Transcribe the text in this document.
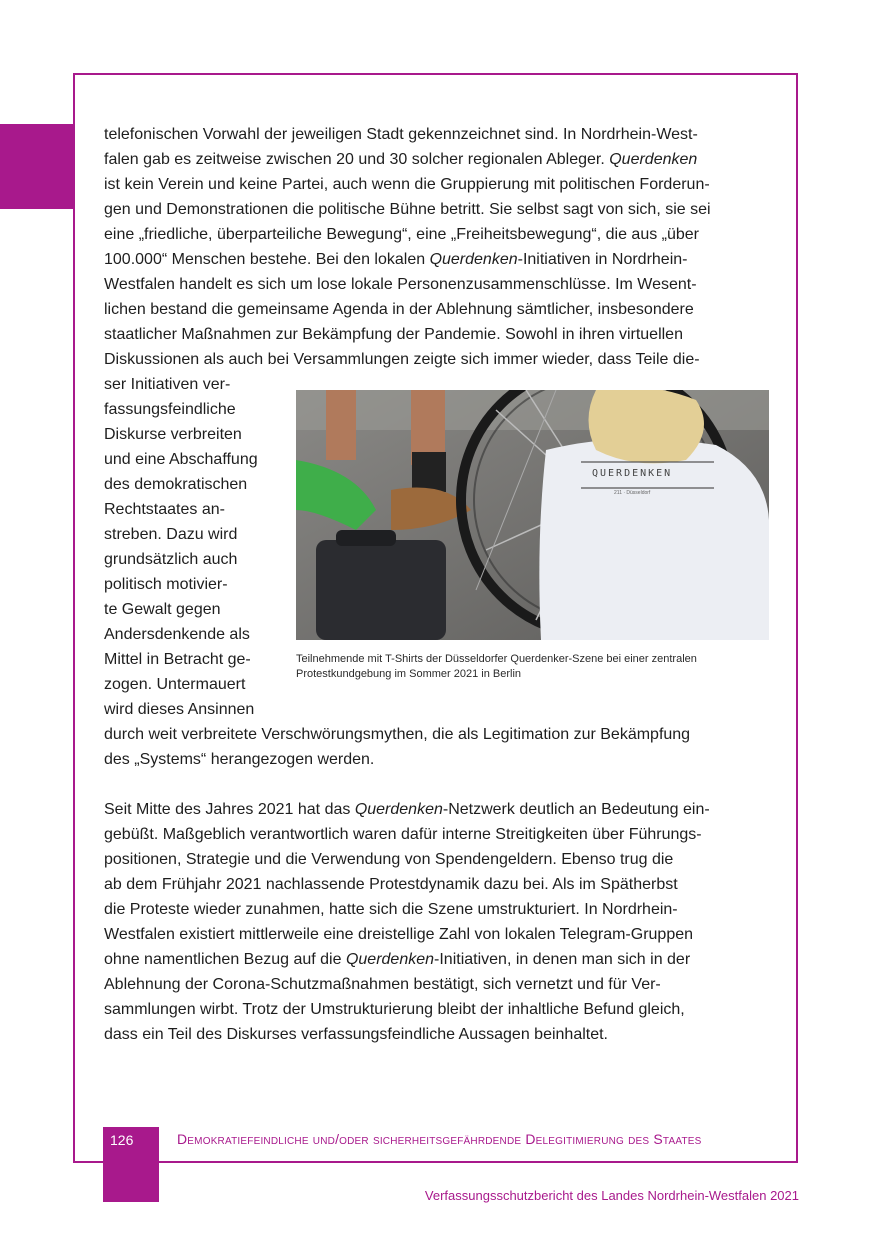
telefonischen Vorwahl der jeweiligen Stadt gekennzeichnet sind. In Nordrhein-West-
falen gab es zeitweise zwischen 20 und 30 solcher regionalen Ableger. Querdenken
ist kein Verein und keine Partei, auch wenn die Gruppierung mit politischen Forderun-
gen und Demonstrationen die politische Bühne betritt. Sie selbst sagt von sich, sie sei
eine „friedliche, überparteiliche Bewegung“, eine „Freiheitsbewegung“, die aus „über
100.000“ Menschen bestehe. Bei den lokalen Querdenken-Initiativen in Nordrhein-
Westfalen handelt es sich um lose lokale Personenzusammenschlüsse. Im Wesent-
lichen bestand die gemeinsame Agenda in der Ablehnung sämtlicher, insbesondere
staatlicher Maßnahmen zur Bekämpfung der Pandemie. Sowohl in ihren virtuellen
Diskussionen als auch bei Versammlungen zeigte sich immer wieder, dass Teile die-
ser Initiativen ver-
fassungsfeindliche
Diskurse verbreiten
und eine Abschaffung
des demokratischen
Rechtstaates an-
streben. Dazu wird
grundsätzlich auch
politisch motivier-
te Gewalt gegen
Andersdenkende als
Mittel in Betracht ge-
zogen. Untermauert
wird dieses Ansinnen
durch weit verbreitete Verschwörungsmythen, die als Legitimation zur Bekämpfung
des „Systems“ herangezogen werden.
Seit Mitte des Jahres 2021 hat das Querdenken-Netzwerk deutlich an Bedeutung ein-
gebüßt. Maßgeblich verantwortlich waren dafür interne Streitigkeiten über Führungs-
positionen, Strategie und die Verwendung von Spendengeldern. Ebenso trug die
ab dem Frühjahr 2021 nachlassende Protestdynamik dazu bei. Als im Spätherbst
die Proteste wieder zunahmen, hatte sich die Szene umstrukturiert. In Nordrhein-
Westfalen existiert mittlerweile eine dreistellige Zahl von lokalen Telegram-Gruppen
ohne namentlichen Bezug auf die Querdenken-Initiativen, in denen man sich in der
Ablehnung der Corona-Schutzmaßnahmen bestätigt, sich vernetzt und für Ver-
sammlungen wirbt. Trotz der Umstrukturierung bleibt der inhaltliche Befund gleich,
dass ein Teil des Diskurses verfassungsfeindliche Aussagen beinhaltet.
QUERDENKEN
211 · Düsseldorf
Teilnehmende mit T-Shirts der Düsseldorfer Querdenker-Szene bei einer zentralen
Protestkundgebung im Sommer 2021 in Berlin
126	Demokratiefeindliche und/oder sicherheitsgefährdende Delegitimierung des Staates
Verfassungsschutzbericht des Landes Nordrhein-Westfalen 2021
